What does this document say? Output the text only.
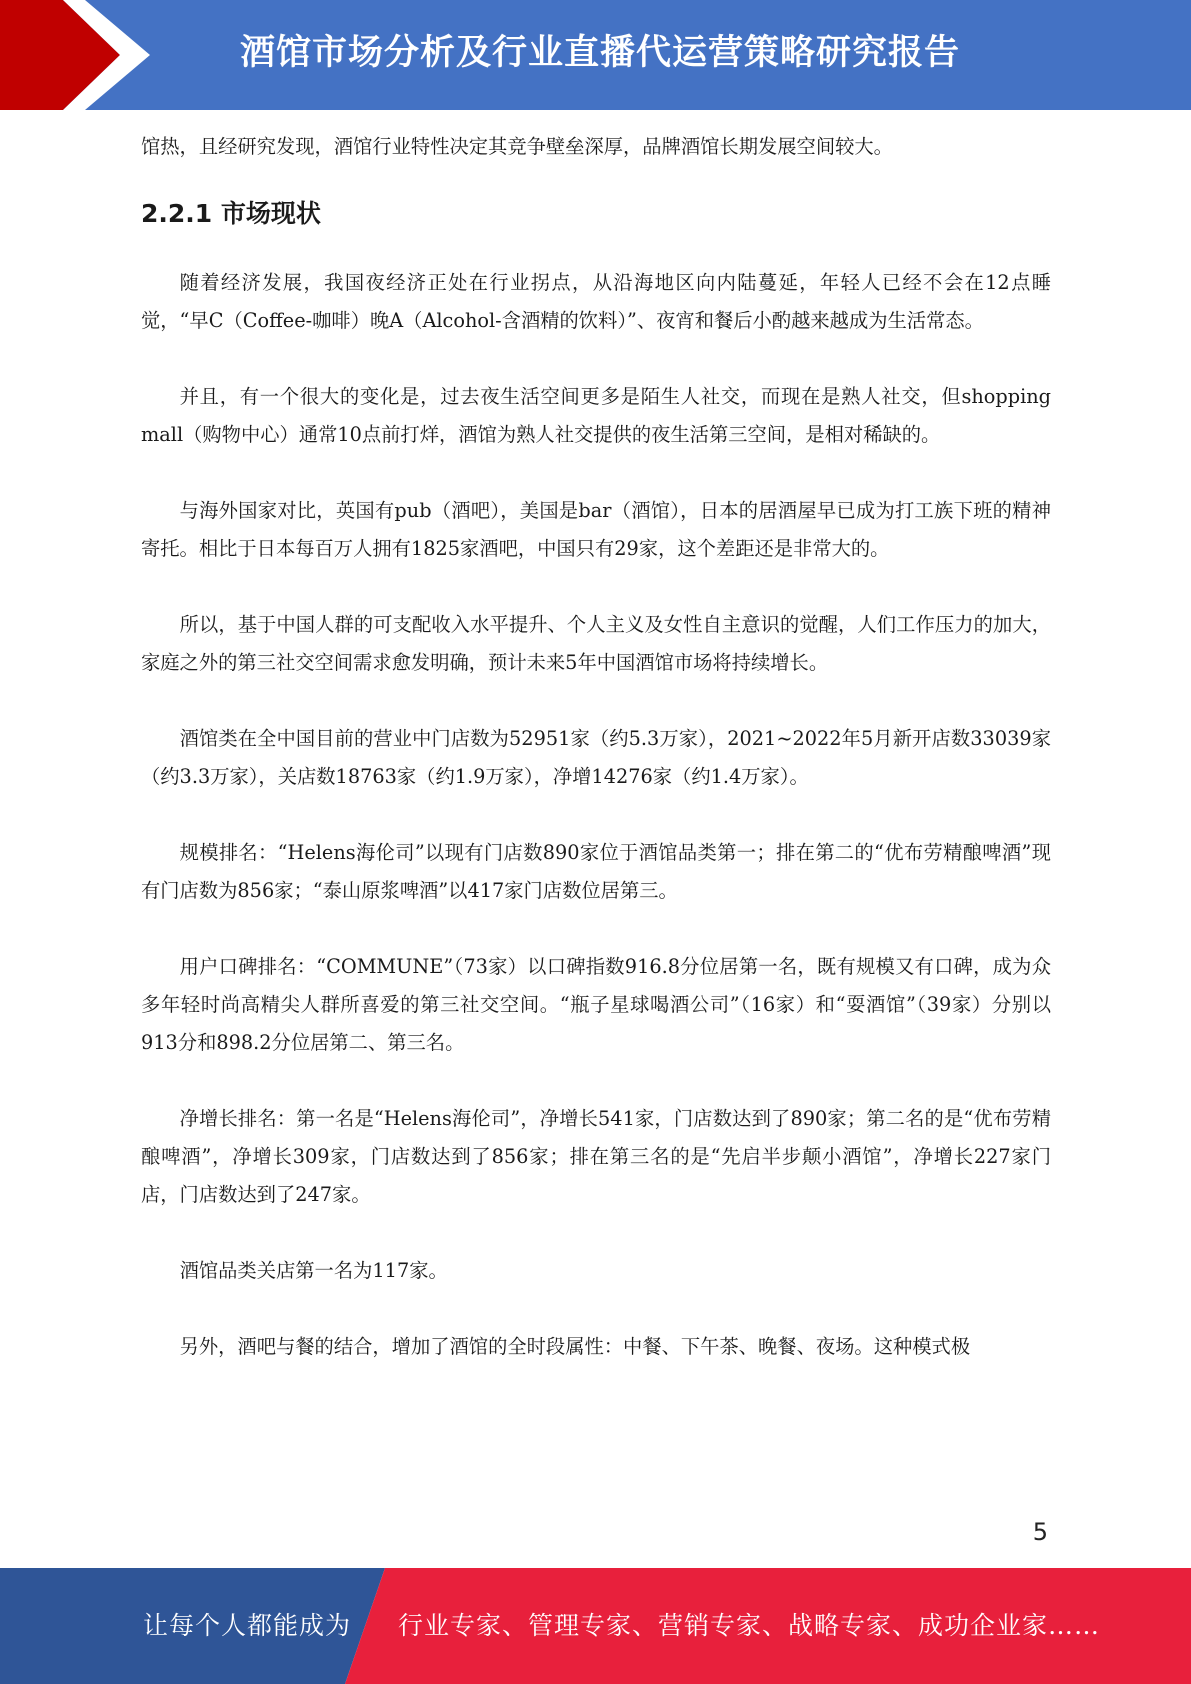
酒馆市场分析及行业直播代运营策略研究报告

馆热，且经研究发现，酒馆行业特性决定其竞争壁垒深厚，品牌酒馆长期发展空间较大。

2.2.1 市场现状

随着经济发展，我国夜经济正处在行业拐点，从沿海地区向内陆蔓延，年轻人已经不会在12点睡觉，“早C（Coffee-咖啡）晚A（Alcohol-含酒精的饮料）”、夜宵和餐后小酌越来越成为生活常态。

并且，有一个很大的变化是，过去夜生活空间更多是陌生人社交，而现在是熟人社交，但shopping mall（购物中心）通常10点前打烊，酒馆为熟人社交提供的夜生活第三空间，是相对稀缺的。

与海外国家对比，英国有pub（酒吧），美国是bar（酒馆），日本的居酒屋早已成为打工族下班的精神寄托。相比于日本每百万人拥有1825家酒吧，中国只有29家，这个差距还是非常大的。

所以，基于中国人群的可支配收入水平提升、个人主义及女性自主意识的觉醒，人们工作压力的加大，家庭之外的第三社交空间需求愈发明确，预计未来5年中国酒馆市场将持续增长。

酒馆类在全中国目前的营业中门店数为52951家（约5.3万家），2021~2022年5月新开店数33039家（约3.3万家），关店数18763家（约1.9万家），净增14276家（约1.4万家）。

规模排名：“Helens海伦司”以现有门店数890家位于酒馆品类第一；排在第二的“优布劳精酿啤酒”现有门店数为856家；“泰山原浆啤酒”以417家门店数位居第三。

用户口碑排名：“COMMUNE”（73家）以口碑指数916.8分位居第一名，既有规模又有口碑，成为众多年轻时尚高精尖人群所喜爱的第三社交空间。“瓶子星球喝酒公司”（16家）和“耍酒馆”（39家）分别以913分和898.2分位居第二、第三名。

净增长排名：第一名是“Helens海伦司”，净增长541家，门店数达到了890家；第二名的是“优布劳精酿啤酒”，净增长309家，门店数达到了856家；排在第三名的是“先启半步颠小酒馆”，净增长227家门店，门店数达到了247家。

酒馆品类关店第一名为117家。

另外，酒吧与餐的结合，增加了酒馆的全时段属性：中餐、下午茶、晚餐、夜场。这种模式极

5
让每个人都能成为 行业专家、管理专家、营销专家、战略专家、成功企业家……
